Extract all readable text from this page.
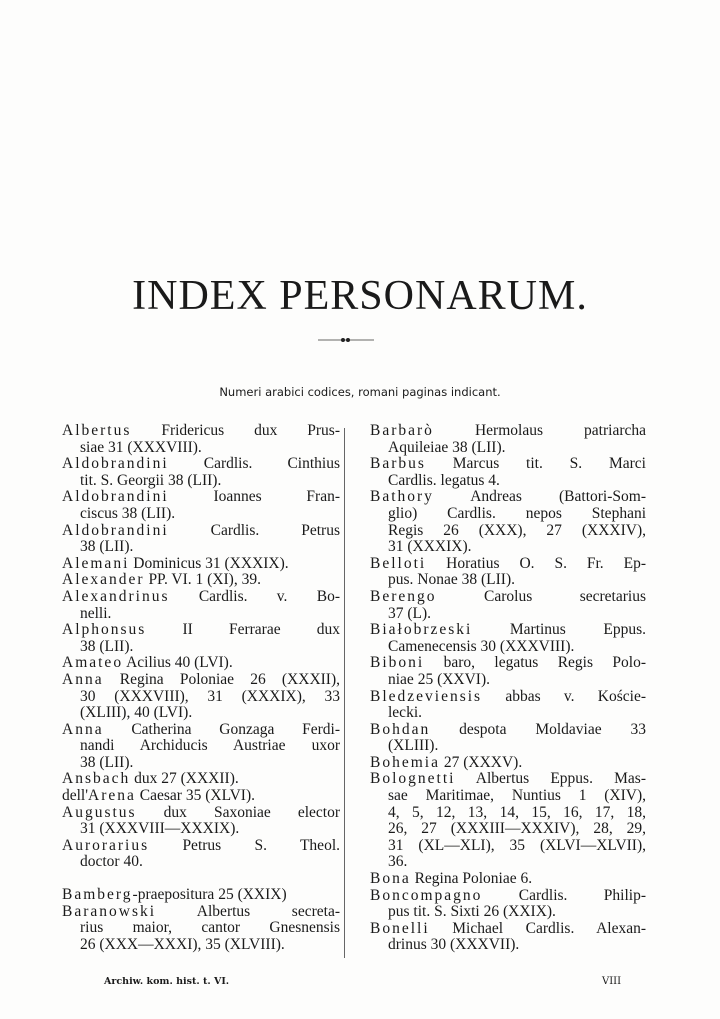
INDEX PERSONARUM.
Numeri arabici codices, romani paginas indicant.
Albertus Fridericus dux Prus-
siae 31 (XXXVIII).
Aldobrandini Cardlis. Cinthius
tit. S. Georgii 38 (LII).
Aldobrandini Ioannes Fran-
ciscus 38 (LII).
Aldobrandini Cardlis. Petrus
38 (LII).
Alemani Dominicus 31 (XXXIX).
Alexander PP. VI. 1 (XI), 39.
Alexandrinus Cardlis. v. Bo-
nelli.
Alphonsus II Ferrarae dux
38 (LII).
Amateo Acilius 40 (LVI).
Anna Regina Poloniae 26 (XXXII),
30 (XXXVIII), 31 (XXXIX), 33
(XLIII), 40 (LVI).
Anna Catherina Gonzaga Ferdi-
nandi Archiducis Austriae uxor
38 (LII).
Ansbach dux 27 (XXXII).
dell'Arena Caesar 35 (XLVI).
Augustus dux Saxoniae elector
31 (XXXVIII—XXXIX).
Aurorarius Petrus S. Theol.
doctor 40.
Bamberg-praepositura 25 (XXIX)
Baranowski Albertus secreta-
rius maior, cantor Gnesnensis
26 (XXX—XXXI), 35 (XLVIII).
Barbarò Hermolaus patriarcha
Aquileiae 38 (LII).
Barbus Marcus tit. S. Marci
Cardlis. legatus 4.
Bathory Andreas (Battori-Som-
glio) Cardlis. nepos Stephani
Regis 26 (XXX), 27 (XXXIV),
31 (XXXIX).
Belloti Horatius O. S. Fr. Ep-
pus. Nonae 38 (LII).
Berengo Carolus secretarius
37 (L).
Białobrzeski Martinus Eppus.
Camenecensis 30 (XXXVIII).
Biboni baro, legatus Regis Polo-
niae 25 (XXVI).
Bledzeviensis abbas v. Koście-
lecki.
Bohdan despota Moldaviae 33
(XLIII).
Bohemia 27 (XXXV).
Bolognetti Albertus Eppus. Mas-
sae Maritimae, Nuntius 1 (XIV),
4, 5, 12, 13, 14, 15, 16, 17, 18,
26, 27 (XXXIII—XXXIV), 28, 29,
31 (XL—XLI), 35 (XLVI—XLVII),
36.
Bona Regina Poloniae 6.
Boncompagno Cardlis. Philip-
pus tit. S. Sixti 26 (XXIX).
Bonelli Michael Cardlis. Alexan-
drinus 30 (XXXVII).
Archiw. kom. hist. t. VI.	VIII
